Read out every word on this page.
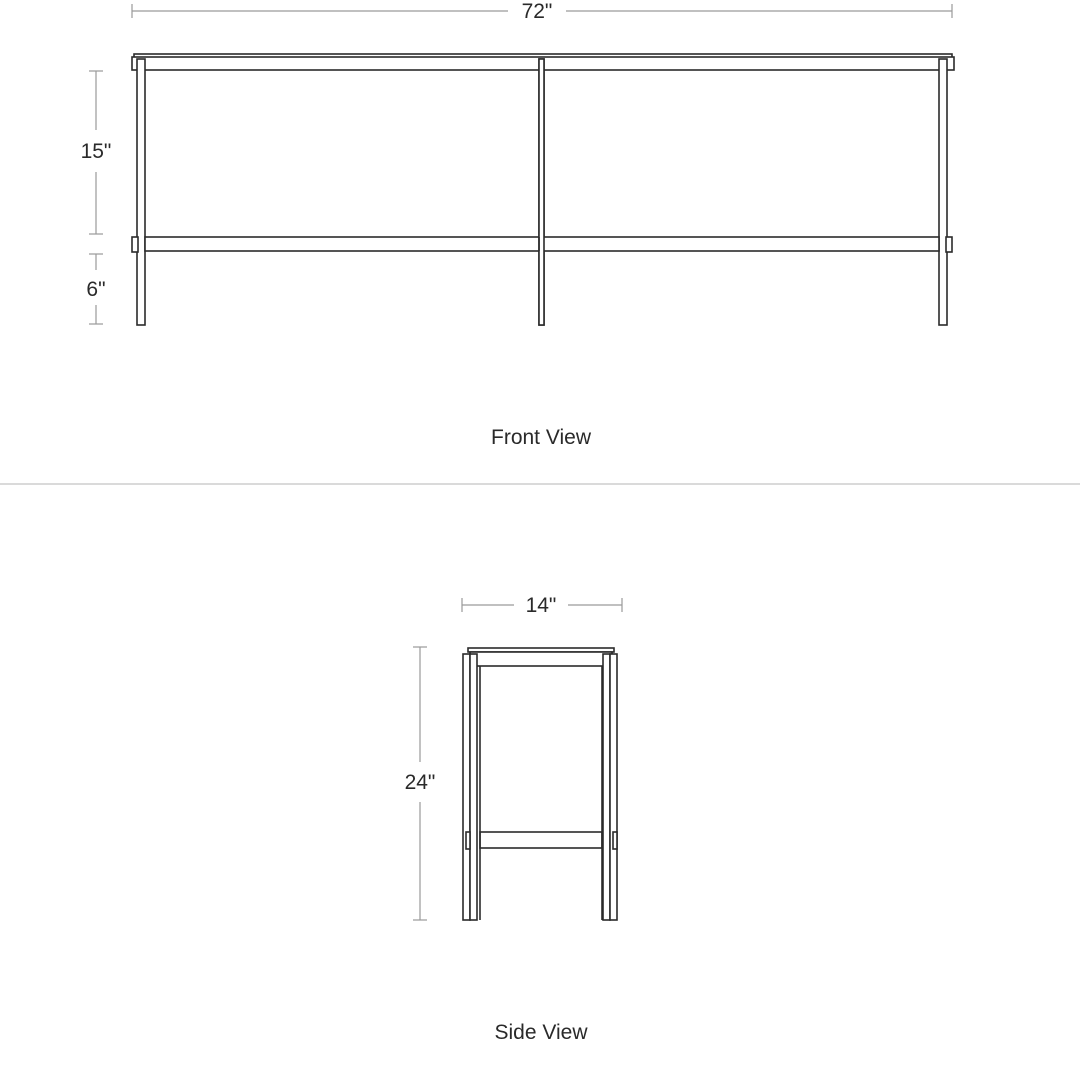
72"
15"
6"
Front View
14"
24"
Side View
